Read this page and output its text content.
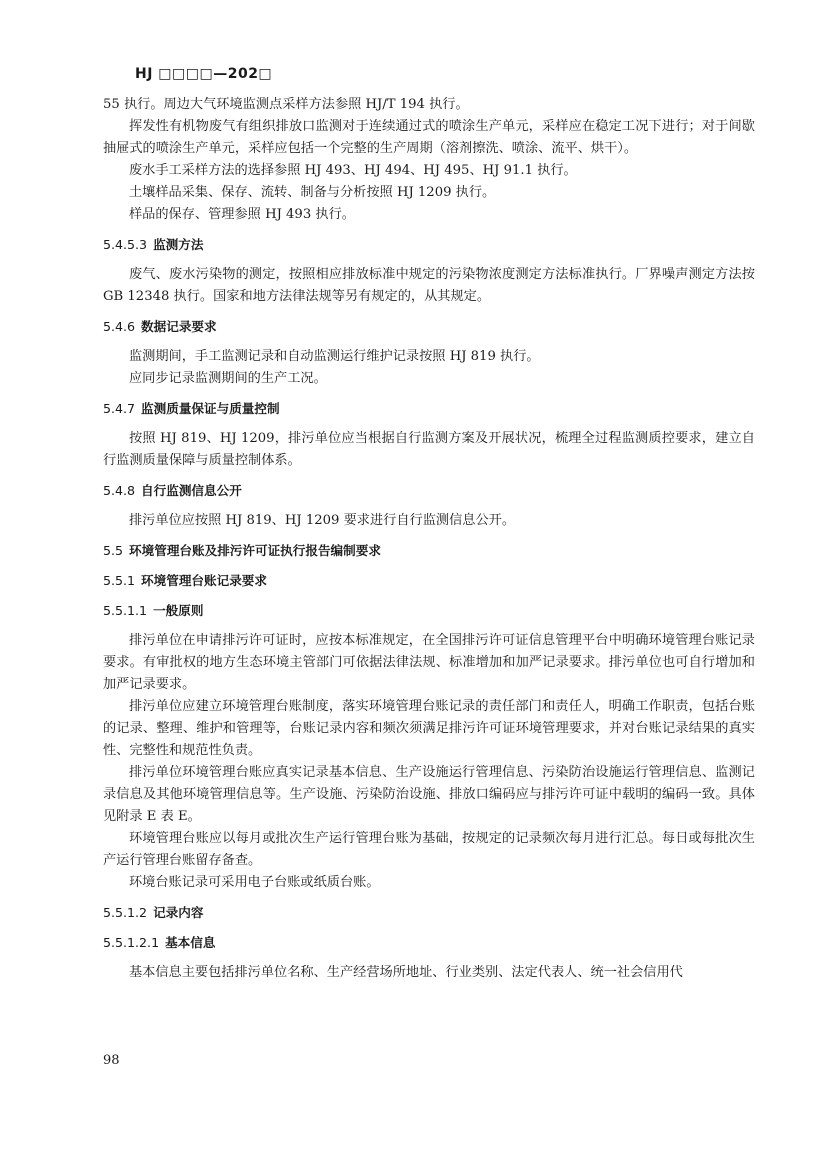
HJ □□□□—202□

55 执行。周边大气环境监测点采样方法参照 HJ/T 194 执行。

挥发性有机物废气有组织排放口监测对于连续通过式的喷涂生产单元，采样应在稳定工况下进行；对于间歇抽屉式的喷涂生产单元，采样应包括一个完整的生产周期（溶剂擦洗、喷涂、流平、烘干）。

废水手工采样方法的选择参照 HJ 493、HJ 494、HJ 495、HJ 91.1 执行。

土壤样品采集、保存、流转、制备与分析按照 HJ 1209 执行。

样品的保存、管理参照 HJ 493 执行。

5.4.5.3 监测方法

废气、废水污染物的测定，按照相应排放标准中规定的污染物浓度测定方法标准执行。厂界噪声测定方法按 GB 12348 执行。国家和地方法律法规等另有规定的，从其规定。

5.4.6 数据记录要求

监测期间，手工监测记录和自动监测运行维护记录按照 HJ 819 执行。

应同步记录监测期间的生产工况。

5.4.7 监测质量保证与质量控制

按照 HJ 819、HJ 1209，排污单位应当根据自行监测方案及开展状况，梳理全过程监测质控要求，建立自行监测质量保障与质量控制体系。

5.4.8 自行监测信息公开

排污单位应按照 HJ 819、HJ 1209 要求进行自行监测信息公开。

5.5 环境管理台账及排污许可证执行报告编制要求

5.5.1 环境管理台账记录要求

5.5.1.1 一般原则

排污单位在申请排污许可证时，应按本标准规定，在全国排污许可证信息管理平台中明确环境管理台账记录要求。有审批权的地方生态环境主管部门可依据法律法规、标准增加和加严记录要求。排污单位也可自行增加和加严记录要求。

排污单位应建立环境管理台账制度，落实环境管理台账记录的责任部门和责任人，明确工作职责，包括台账的记录、整理、维护和管理等，台账记录内容和频次须满足排污许可证环境管理要求，并对台账记录结果的真实性、完整性和规范性负责。

排污单位环境管理台账应真实记录基本信息、生产设施运行管理信息、污染防治设施运行管理信息、监测记录信息及其他环境管理信息等。生产设施、污染防治设施、排放口编码应与排污许可证中载明的编码一致。具体见附录 E 表 E。

环境管理台账应以每月或批次生产运行管理台账为基础，按规定的记录频次每月进行汇总。每日或每批次生产运行管理台账留存备查。

环境台账记录可采用电子台账或纸质台账。

5.5.1.2 记录内容

5.5.1.2.1 基本信息

基本信息主要包括排污单位名称、生产经营场所地址、行业类别、法定代表人、统一社会信用代

98
